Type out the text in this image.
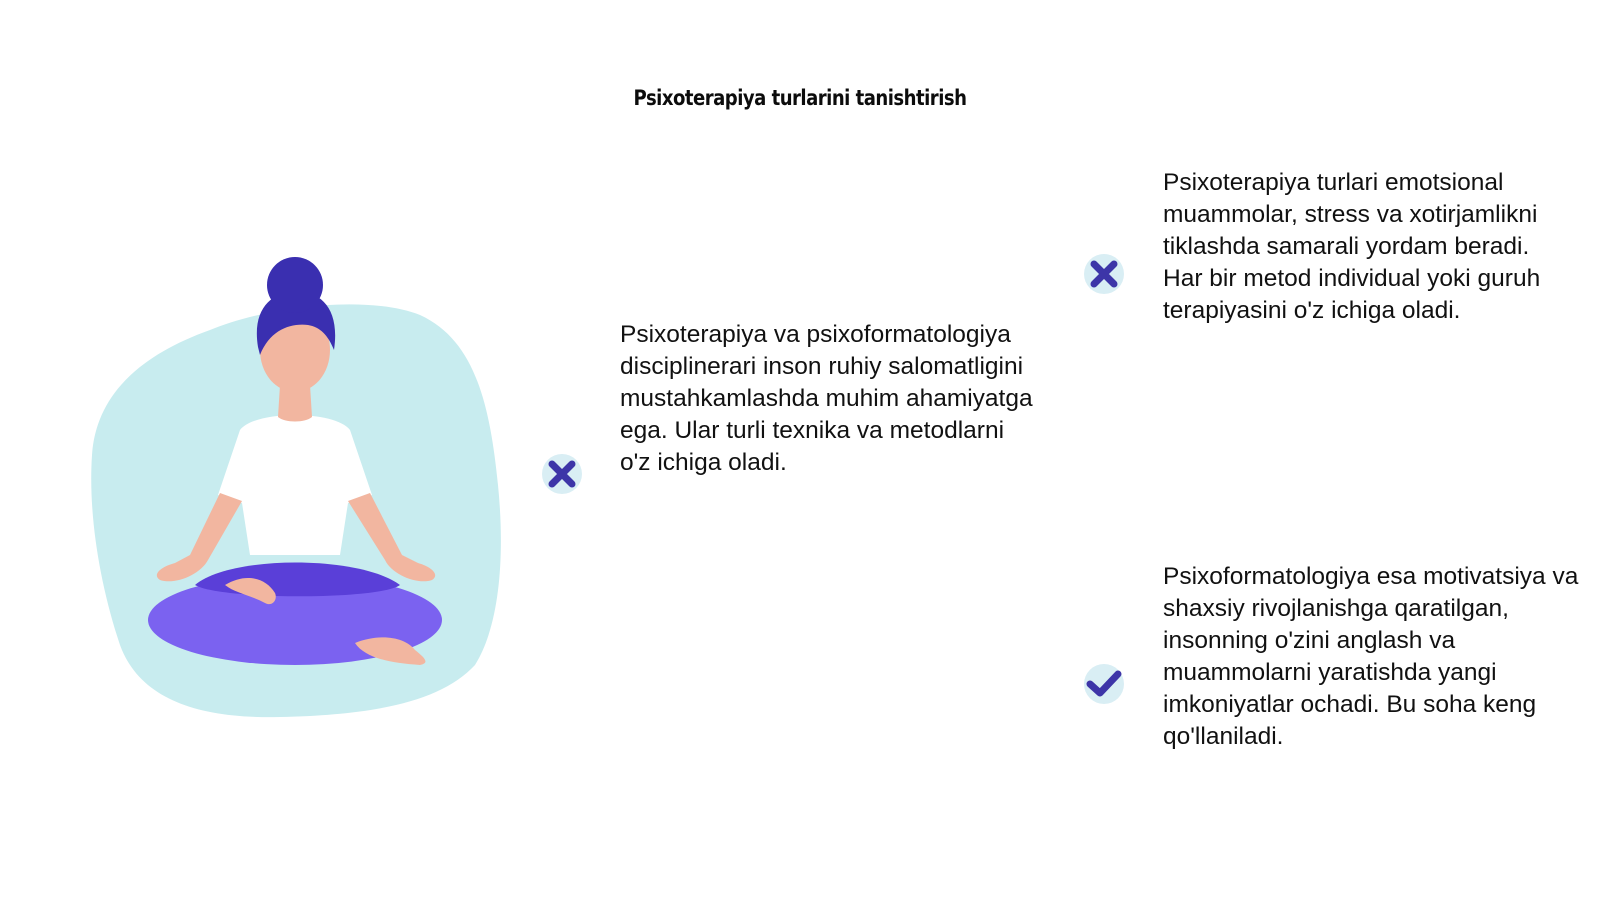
Psixoterapiya turlarini tanishtirish

Psixoterapiya va psixoformatologiya disciplinerari inson ruhiy salomatligini mustahkamlashda muhim ahamiyatga ega. Ular turli texnika va metodlarni o'z ichiga oladi.

Psixoterapiya turlari emotsional muammolar, stress va xotirjamlikni tiklashda samarali yordam beradi. Har bir metod individual yoki guruh terapiyasini o'z ichiga oladi.

Psixoformatologiya esa motivatsiya va shaxsiy rivojlanishga qaratilgan, insonning o'zini anglash va muammolarni yaratishda yangi imkoniyatlar ochadi. Bu soha keng qo'llaniladi.
